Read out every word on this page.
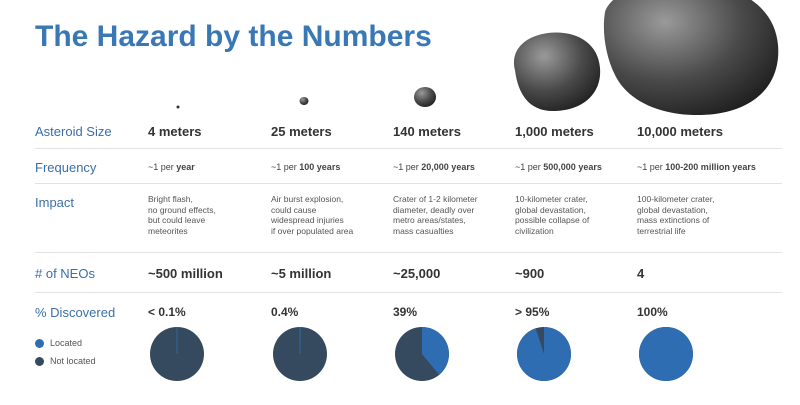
The Hazard by the Numbers
Asteroid Size
Frequency
Impact
# of NEOs
% Discovered
4 meters
~1 per year
Bright flash,
no ground effects,
but could leave
meteorites
~500 million
< 0.1%
25 meters
~1 per 100 years
Air burst explosion,
could cause
widespread injuries
if over populated area
~5 million
0.4%
140 meters
~1 per 20,000 years
Crater of 1-2 kilometer
diameter, deadly over
metro areas/states,
mass casualties
~25,000
39%
1,000 meters
~1 per 500,000 years
10-kilometer crater,
global devastation,
possible collapse of
civilization
~900
> 95%
10,000 meters
~1 per 100-200 million years
100-kilometer crater,
global devastation,
mass extinctions of
terrestrial life
4
100%
Located
Not located
